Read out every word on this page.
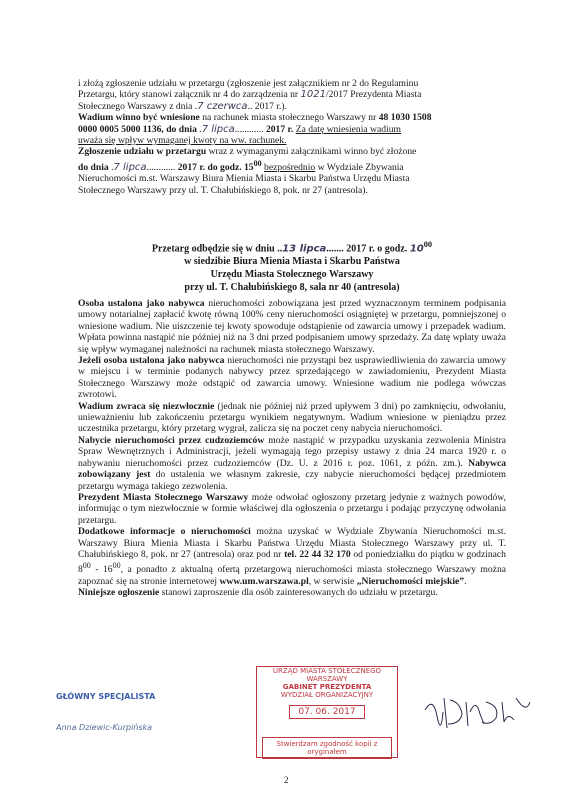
i złożą zgłoszenie udziału w przetargu (zgłoszenie jest załącznikiem nr 2 do Regulaminu

Przetargu, który stanowi załącznik nr 4 do zarządzenia nr 1021/2017 Prezydenta Miasta

Stołecznego Warszawy z dnia .7 czerwca.. 2017 r.).

Wadium winno być wniesione na rachunek miasta stołecznego Warszawy nr 48 1030 1508
0000 0005 5000 1136, do dnia .7 lipca............ 2017 r. Za datę wniesienia wadium
uważa się wpływ wymaganej kwoty na ww. rachunek.

Zgłoszenie udziału w przetargu wraz z wymaganymi załącznikami winno być złożone
do dnia .7 lipca............ 2017 r. do godz. $15^{00}$ bezpośrednio w Wydziale Zbywania
Nieruchomości m.st. Warszawy Biura Mienia Miasta i Skarbu Państwa Urzędu Miasta
Stołecznego Warszawy przy ul. T. Chałubińskiego 8, pok. nr 27 (antresola).

Przetarg odbędzie się w dniu ..13 lipca....... 2017 r. o godz. $10^{00}$
w siedzibie Biura Mienia Miasta i Skarbu Państwa
Urzędu Miasta Stołecznego Warszawy
przy ul. T. Chałubińskiego 8, sala nr 40 (antresola)

Osoba ustalona jako nabywca nieruchomości zobowiązana jest przed wyznaczonym terminem podpisania umowy notarialnej zapłacić kwotę równą 100% ceny nieruchomości osiągniętej w przetargu, pomniejszonej o wniesione wadium. Nie uiszczenie tej kwoty spowoduje odstąpienie od zawarcia umowy i przepadek wadium. Wpłata powinna nastąpić nie później niż na 3 dni przed podpisaniem umowy sprzedaży. Za datę wpłaty uważa się wpływ wymaganej należności na rachunek miasta stołecznego Warszawy.

Jeżeli osoba ustalona jako nabywca nieruchomości nie przystąpi bez usprawiedliwienia do zawarcia umowy w miejscu i w terminie podanych nabywcy przez sprzedającego w zawiadomieniu, Prezydent Miasta Stołecznego Warszawy może odstąpić od zawarcia umowy. Wniesione wadium nie podlega wówczas zwrotowi.

Wadium zwraca się niezwłocznie (jednak nie później niż przed upływem 3 dni) po zamknięciu, odwołaniu, unieważnieniu lub zakończeniu przetargu wynikiem negatywnym. Wadium wniesione w pieniądzu przez uczestnika przetargu, który przetarg wygrał, zalicza się na poczet ceny nabycia nieruchomości.

Nabycie nieruchomości przez cudzoziemców może nastąpić w przypadku uzyskania zezwolenia Ministra Spraw Wewnętrznych i Administracji, jeżeli wymagają tego przepisy ustawy z dnia 24 marca 1920 r. o nabywaniu nieruchomości przez cudzoziemców (Dz. U. z 2016 r. poz. 1061, z późn. zm.). Nabywca zobowiązany jest do ustalenia we własnym zakresie, czy nabycie nieruchomości będącej przedmiotem przetargu wymaga takiego zezwolenia.

Prezydent Miasta Stołecznego Warszawy może odwołać ogłoszony przetarg jedynie z ważnych powodów, informując o tym niezwłocznie w formie właściwej dla ogłoszenia o przetargu i podając przyczynę odwołania przetargu.

Dodatkowe informacje o nieruchomości można uzyskać w Wydziale Zbywania Nieruchomości m.st. Warszawy Biura Mienia Miasta i Skarbu Państwa Urzędu Miasta Stołecznego Warszawy przy ul. T. Chałubińskiego 8, pok. nr 27 (antresola) oraz pod nr tel. 22 44 32 170 od poniedziałku do piątku w godzinach $8^{00} - 16^{00}$, a ponadto z aktualną ofertą przetargową nieruchomości miasta stołecznego Warszawy można zapoznać się na stronie internetowej www.um.warszawa.pl, w serwisie „Nieruchomości miejskie”.

Niniejsze ogłoszenie stanowi zaproszenie dla osób zainteresowanych do udziału w przetargu.

GŁÓWNY SPECJALISTA
Anna Dziewic-Kurpińska
URZĄD MIASTA STOŁECZNEGO WARSZAWY
GABINET PREZYDENTA
WYDZIAŁ ORGANIZACYJNY
07. 06. 2017
Stwierdzam zgodność kopii z oryginałem
2
